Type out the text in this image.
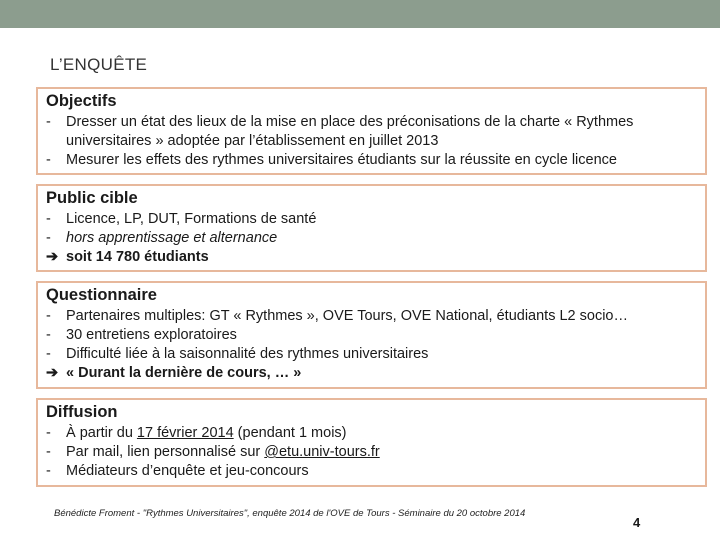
L’ENQUÊTE
Objectifs
- Dresser un état des lieux de la mise en place des préconisations de la charte « Rythmes universitaires » adoptée par l’établissement en juillet 2013
- Mesurer les effets des rythmes universitaires étudiants sur la réussite en cycle licence
Public cible
- Licence, LP, DUT, Formations de santé
- hors apprentissage et alternance
➔ soit 14 780 étudiants
Questionnaire
- Partenaires multiples: GT « Rythmes », OVE Tours, OVE National, étudiants L2 socio…
- 30 entretiens exploratoires
- Difficulté liée à la saisonnalité des rythmes universitaires
➔ « Durant la dernière de cours, … »
Diffusion
- À partir du 17 février 2014 (pendant 1 mois)
- Par mail, lien personnalisé sur @etu.univ-tours.fr
- Médiateurs d’enquête et jeu-concours
Bénédicte Froment - "Rythmes Universitaires", enquête 2014 de l'OVE de Tours - Séminaire du 20 octobre 2014
4
